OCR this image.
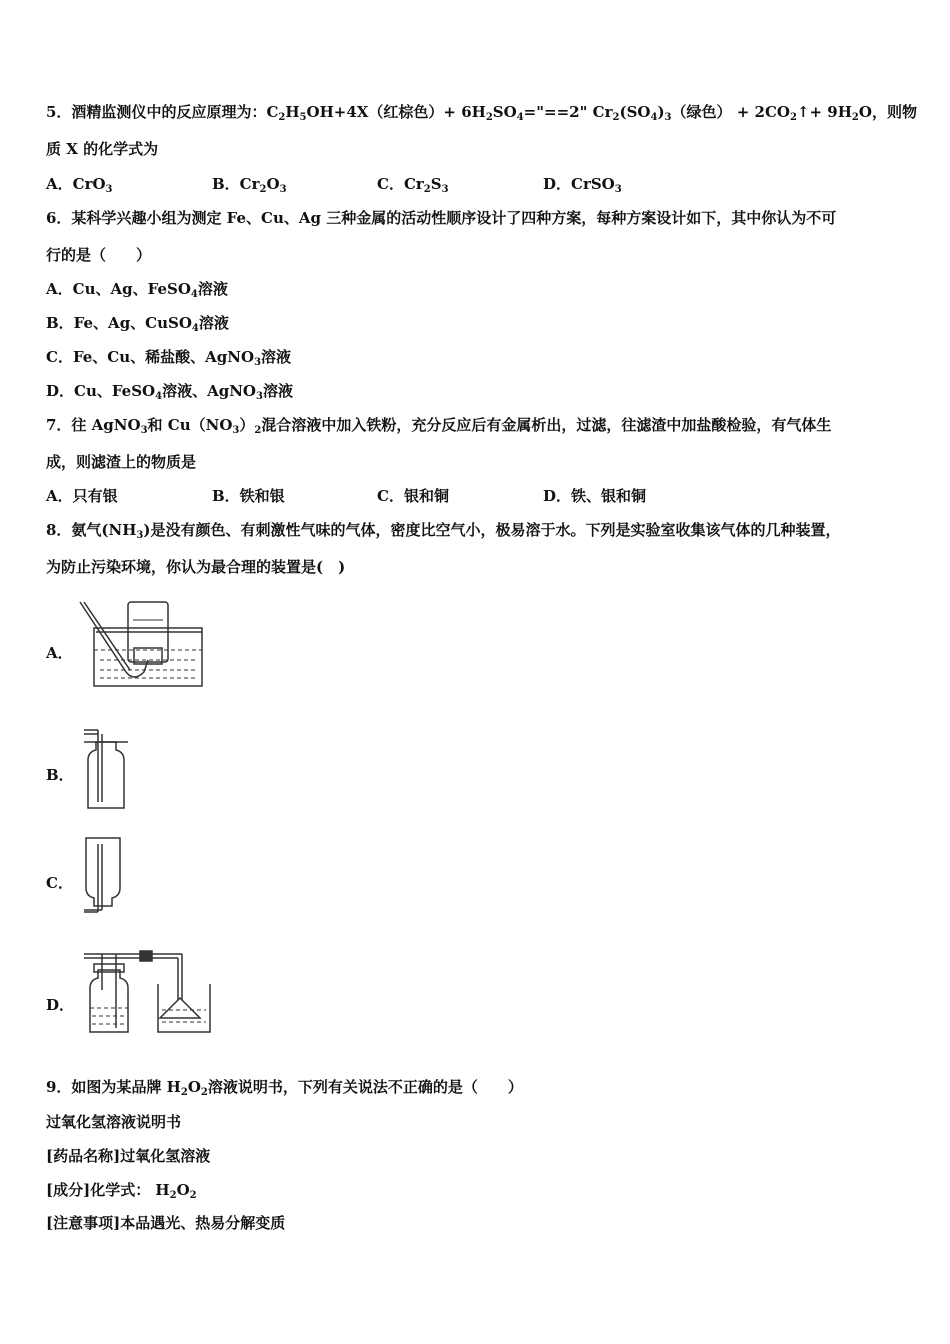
5．酒精监测仪中的反应原理为：$C_2H_5OH+4X$（红棕色）+ $6H_2SO_4="==2$" $Cr_2(SO_4)_3$（绿色） + $2CO_2↑+ 9H_2O$，则物
质 X 的化学式为
A．CrO$_3$	B．$Cr_2O_3$	C．$Cr_2S_3$	D．CrSO$_3$
6．某科学兴趣小组为测定 Fe、Cu、Ag 三种金属的活动性顺序设计了四种方案，每种方案设计如下，其中你认为不可
行的是（　　）
A．Cu、Ag、FeSO$_4$溶液
B．Fe、Ag、CuSO$_4$溶液
C．Fe、Cu、稀盐酸、AgNO$_3$溶液
D．Cu、FeSO$_4$溶液、AgNO$_3$溶液
7．往 AgNO$_3$和 $Cu(NO_3)_2$混合溶液中加入铁粉，充分反应后有金属析出，过滤，往滤渣中加盐酸检验，有气体生
成，则滤渣上的物质是
A．只有银	B．铁和银	C．银和铜	D．铁、银和铜
8．氨气$(NH_3)$是没有颜色、有刺激性气味的气体，密度比空气小，极易溶于水。下列是实验室收集该气体的几种装置，
为防止污染环境，你认为最合理的装置是(　)
A．
B．
C．
D．
9．如图为某品牌 $H_2O_2$溶液说明书，下列有关说法不正确的是（　　）
过氧化氢溶液说明书
[药品名称]过氧化氢溶液
[成分]化学式： $H_2O_2$
[注意事项]本品遇光、热易分解变质
